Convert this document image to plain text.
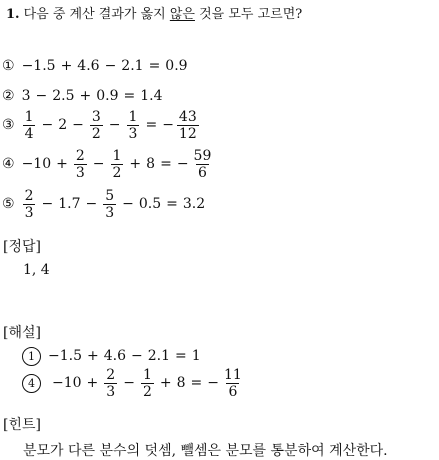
1. 다음 중 계산 결과가 옳지 않은 것을 모두 고르면?
① −1.5 + 4.6 − 2.1 = 0.9
② 3 − 2.5 + 0.9 = 1.4
③ $\frac{1}{4} - 2 - \frac{3}{2} - \frac{1}{3}$ = − $\frac{43}{12}$
④ $-10 + \frac{2}{3} - \frac{1}{2} + 8$ = − $\frac{59}{6}$
⑤ $\frac{2}{3} - 1.7 - \frac{5}{3} - 0.5 = 3.2$
[정답]
1, 4
[해설]
1 −1.5 + 4.6 − 2.1 = 1
4	$-10 + \frac{2}{3} - \frac{1}{2} + 8$ = − $\frac{11}{6}$
[힌트]
분모가 다른 분수의 덧셈, 뺄셈은 분모를 통분하여 계산한다.
